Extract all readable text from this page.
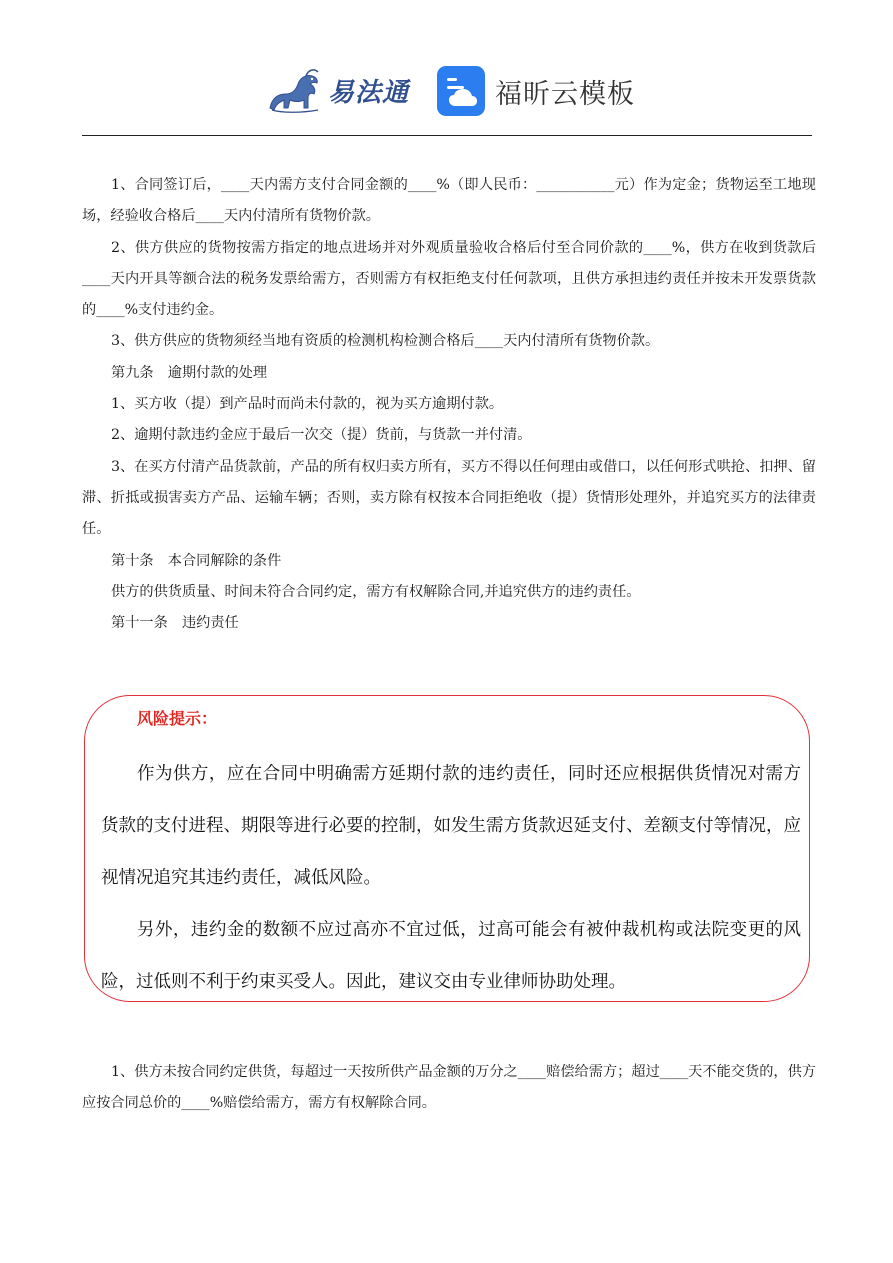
易法通	福昕云模板

1、合同签订后，____天内需方支付合同金额的____%（即人民币：___________元）作为定金；货物运至工地现场，经验收合格后____天内付清所有货物价款。

2、供方供应的货物按需方指定的地点进场并对外观质量验收合格后付至合同价款的____%，供方在收到货款后____天内开具等额合法的税务发票给需方，否则需方有权拒绝支付任何款项，且供方承担违约责任并按未开发票货款的____%支付违约金。

3、供方供应的货物须经当地有资质的检测机构检测合格后____天内付清所有货物价款。

第九条　逾期付款的处理

1、买方收（提）到产品时而尚未付款的，视为买方逾期付款。

2、逾期付款违约金应于最后一次交（提）货前，与货款一并付清。

3、在买方付清产品货款前，产品的所有权归卖方所有，买方不得以任何理由或借口，以任何形式哄抢、扣押、留滞、折抵或损害卖方产品、运输车辆；否则，卖方除有权按本合同拒绝收（提）货情形处理外，并追究买方的法律责任。

第十条　本合同解除的条件

供方的供货质量、时间未符合合同约定，需方有权解除合同,并追究供方的违约责任。

第十一条　违约责任

风险提示：

作为供方，应在合同中明确需方延期付款的违约责任，同时还应根据供货情况对需方货款的支付进程、期限等进行必要的控制，如发生需方货款迟延支付、差额支付等情况，应视情况追究其违约责任，减低风险。

另外，违约金的数额不应过高亦不宜过低，过高可能会有被仲裁机构或法院变更的风险，过低则不利于约束买受人。因此，建议交由专业律师协助处理。

1、供方未按合同约定供货，每超过一天按所供产品金额的万分之____赔偿给需方；超过____天不能交货的，供方应按合同总价的____%赔偿给需方，需方有权解除合同。
